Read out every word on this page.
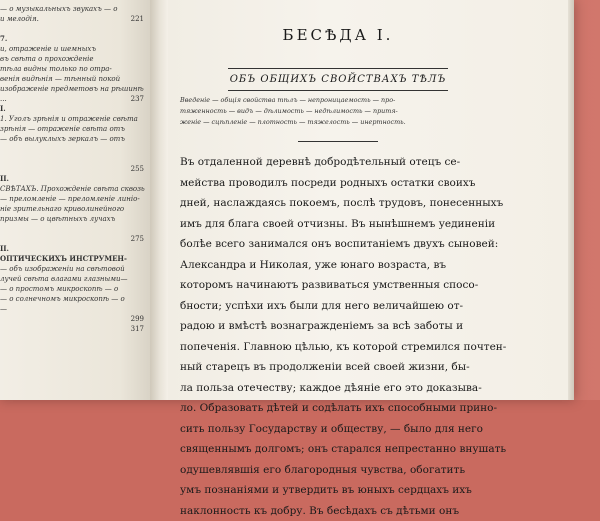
— о музыкальныхъ звукахъ — о
и мелодія.	221
7.
и, отраженіе и шемныхъ
въ свѣта о прохожденіе
тѣла видны только по отра-
венія видѣнія — тѣнный покой
изображеніе предметовъ на рѣшинѣ
...	237
I.
1. Уголъ зрѣнія и отраженіе свѣта
зрѣнія — отраженіе свѣта отъ
— объ вылуклыхъ зеркалъ — отъ
255
II.
СВѢТАХЪ. Прохожденіе свѣта сквозь
— преломленіе — преломленіе линіо-
ніе зрительнаго криволинейного
призмы — о цвѣтныхъ лучахъ
275
II.
ОПТИЧЕСКИХЪ ИНСТРУМЕН-
— объ изображеніи на свѣтовой
лучей свѣта влагами глазными—
— о простомъ микроскопѣ — о
— о солнечномъ микроскопѣ — о
—
299
317
БЕСѢДА I.
ОБЪ ОБЩИХЪ СВОЙСТВАХЪ ТѢЛЪ
Введеніе — общія свойства тѣлъ — непроницаемость — про-
тяженность — видъ — дѣлимость — недѣлимость — притя-
женіе — сцѣпленіе — плотность — тяжелость — инертность.
Въ отдаленной деревнѣ добродѣтельный отецъ се-
мейства проводилъ посреди родныхъ остатки своихъ
дней, наслаждаясь покоемъ, послѣ трудовъ, понесенныхъ
имъ для блага своей отчизны. Въ нынѣшнемъ уединеніи
болѣе всего занимался онъ воспитаніемъ двухъ сыновей:
Александра и Николая, уже юнаго возраста, въ
которомъ начинаютъ развиваться умственныя спосо-
бности; успѣхи ихъ были для него величайшею от-
радою и вмѣстѣ вознагражденіемъ за всѣ заботы и
попеченія. Главною цѣлью, къ которой стремился почтен-
ный старецъ въ продолженіи всей своей жизни, бы-
ла польза отечеству; каждое дѣяніе его это доказыва-
ло. Образовать дѣтей и содѣлать ихъ способными прино-
сить пользу Государству и обществу, — было для него
священнымъ долгомъ; онъ старался непрестанно внушать
одушевлявшія его благородныя чувства, обогатить
умъ познаніями и утвердить въ юныхъ сердцахъ ихъ
наклонность къ добру. Въ бесѣдахъ съ дѣтьми онъ
